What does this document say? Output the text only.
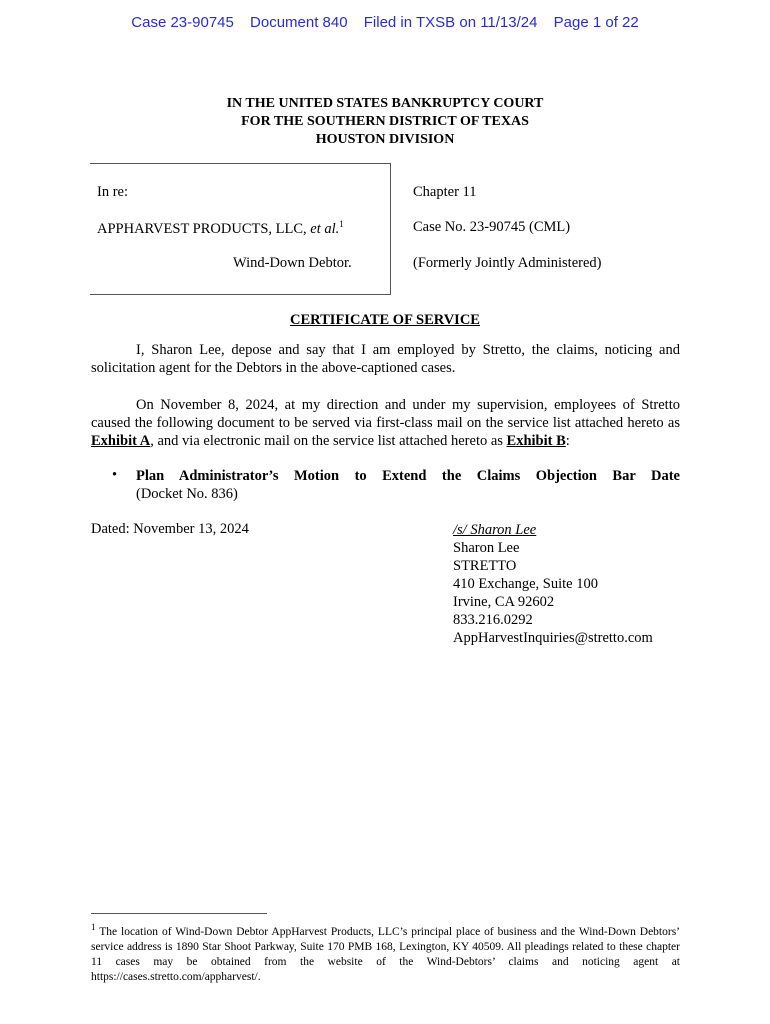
Case 23-90745 Document 840 Filed in TXSB on 11/13/24 Page 1 of 22
IN THE UNITED STATES BANKRUPTCY COURT
FOR THE SOUTHERN DISTRICT OF TEXAS
HOUSTON DIVISION
In re:
APPHARVEST PRODUCTS, LLC, et al.$^1$
Wind-Down Debtor.
Chapter 11
Case No. 23-90745 (CML)
(Formerly Jointly Administered)
CERTIFICATE OF SERVICE

I, Sharon Lee, depose and say that I am employed by Stretto, the claims, noticing and solicitation agent for the Debtors in the above-captioned cases.

On November 8, 2024, at my direction and under my supervision, employees of Stretto caused the following document to be served via first-class mail on the service list attached hereto as Exhibit A, and via electronic mail on the service list attached hereto as Exhibit B:

• Plan Administrator’s Motion to Extend the Claims Objection Bar Date
(Docket No. 836)
Dated: November 13, 2024	/s/ Sharon Lee
Sharon Lee
STRETTO
410 Exchange, Suite 100
Irvine, CA 92602
833.216.0292
AppHarvestInquiries@stretto.com
$^1$ The location of Wind-Down Debtor AppHarvest Products, LLC’s principal place of business and the Wind-Down Debtors’ service address is 1890 Star Shoot Parkway, Suite 170 PMB 168, Lexington, KY 40509. All pleadings related to these chapter 11 cases may be obtained from the website of the Wind-Debtors’ claims and noticing agent at https://cases.stretto.com/appharvest/.
